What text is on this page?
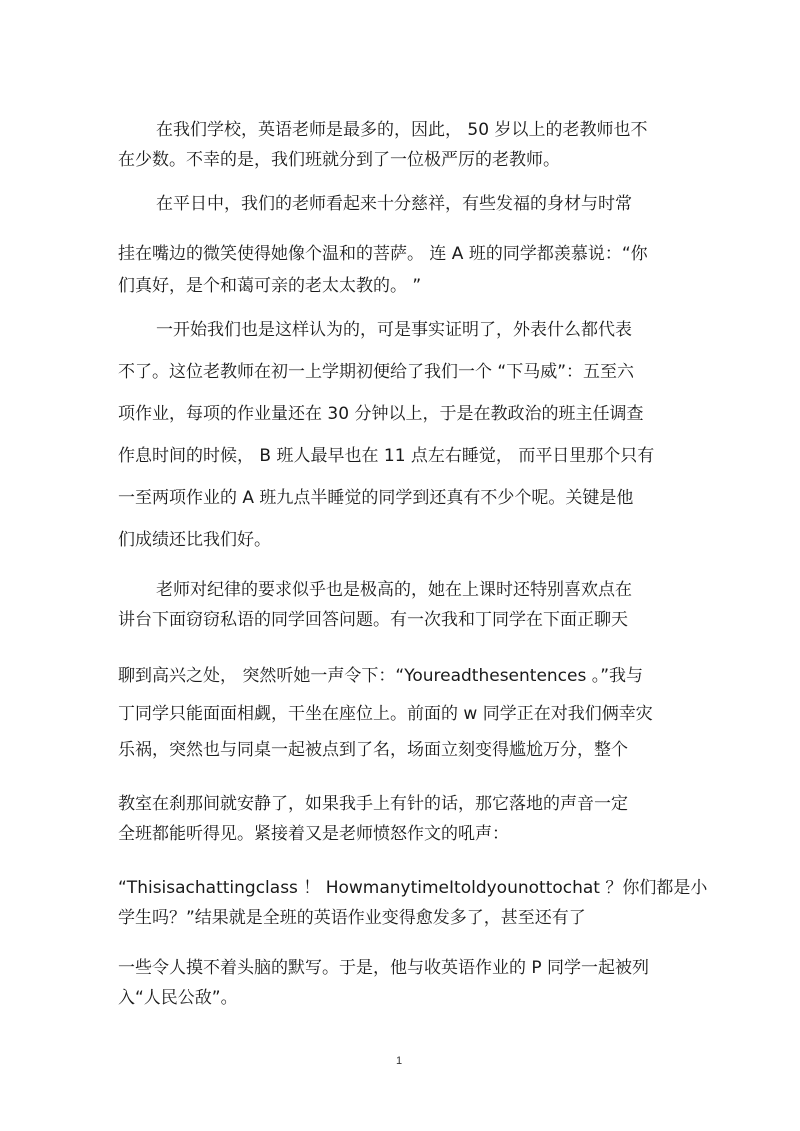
在我们学校，英语老师是最多的，因此， 50 岁以上的老教师也不
在少数。不幸的是，我们班就分到了一位极严厉的老教师。
在平日中，我们的老师看起来十分慈祥，有些发福的身材与时常
挂在嘴边的微笑使得她像个温和的菩萨。 连 A 班的同学都羡慕说：“你
们真好，是个和蔼可亲的老太太教的。 ”
一开始我们也是这样认为的，可是事实证明了，外表什么都代表
不了。这位老教师在初一上学期初便给了我们一个 “下马威”：五至六
项作业，每项的作业量还在 30 分钟以上，于是在教政治的班主任调查
作息时间的时候， B 班人最早也在 11 点左右睡觉， 而平日里那个只有
一至两项作业的 A 班九点半睡觉的同学到还真有不少个呢。关键是他
们成绩还比我们好。
老师对纪律的要求似乎也是极高的，她在上课时还特别喜欢点在
讲台下面窃窃私语的同学回答问题。有一次我和丁同学在下面正聊天
聊到高兴之处， 突然听她一声令下：“Youreadthesentences 。”我与
丁同学只能面面相觑，干坐在座位上。前面的 w 同学正在对我们俩幸灾
乐祸，突然也与同桌一起被点到了名，场面立刻变得尴尬万分，整个
教室在刹那间就安静了，如果我手上有针的话，那它落地的声音一定
全班都能听得见。紧接着又是老师愤怒作文的吼声：
“Thisisachattingclass ！ HowmanytimeItoldyounottochat ？你们都是小
学生吗？”结果就是全班的英语作业变得愈发多了，甚至还有了
一些令人摸不着头脑的默写。于是，他与收英语作业的 P 同学一起被列
入“人民公敌”。
1
